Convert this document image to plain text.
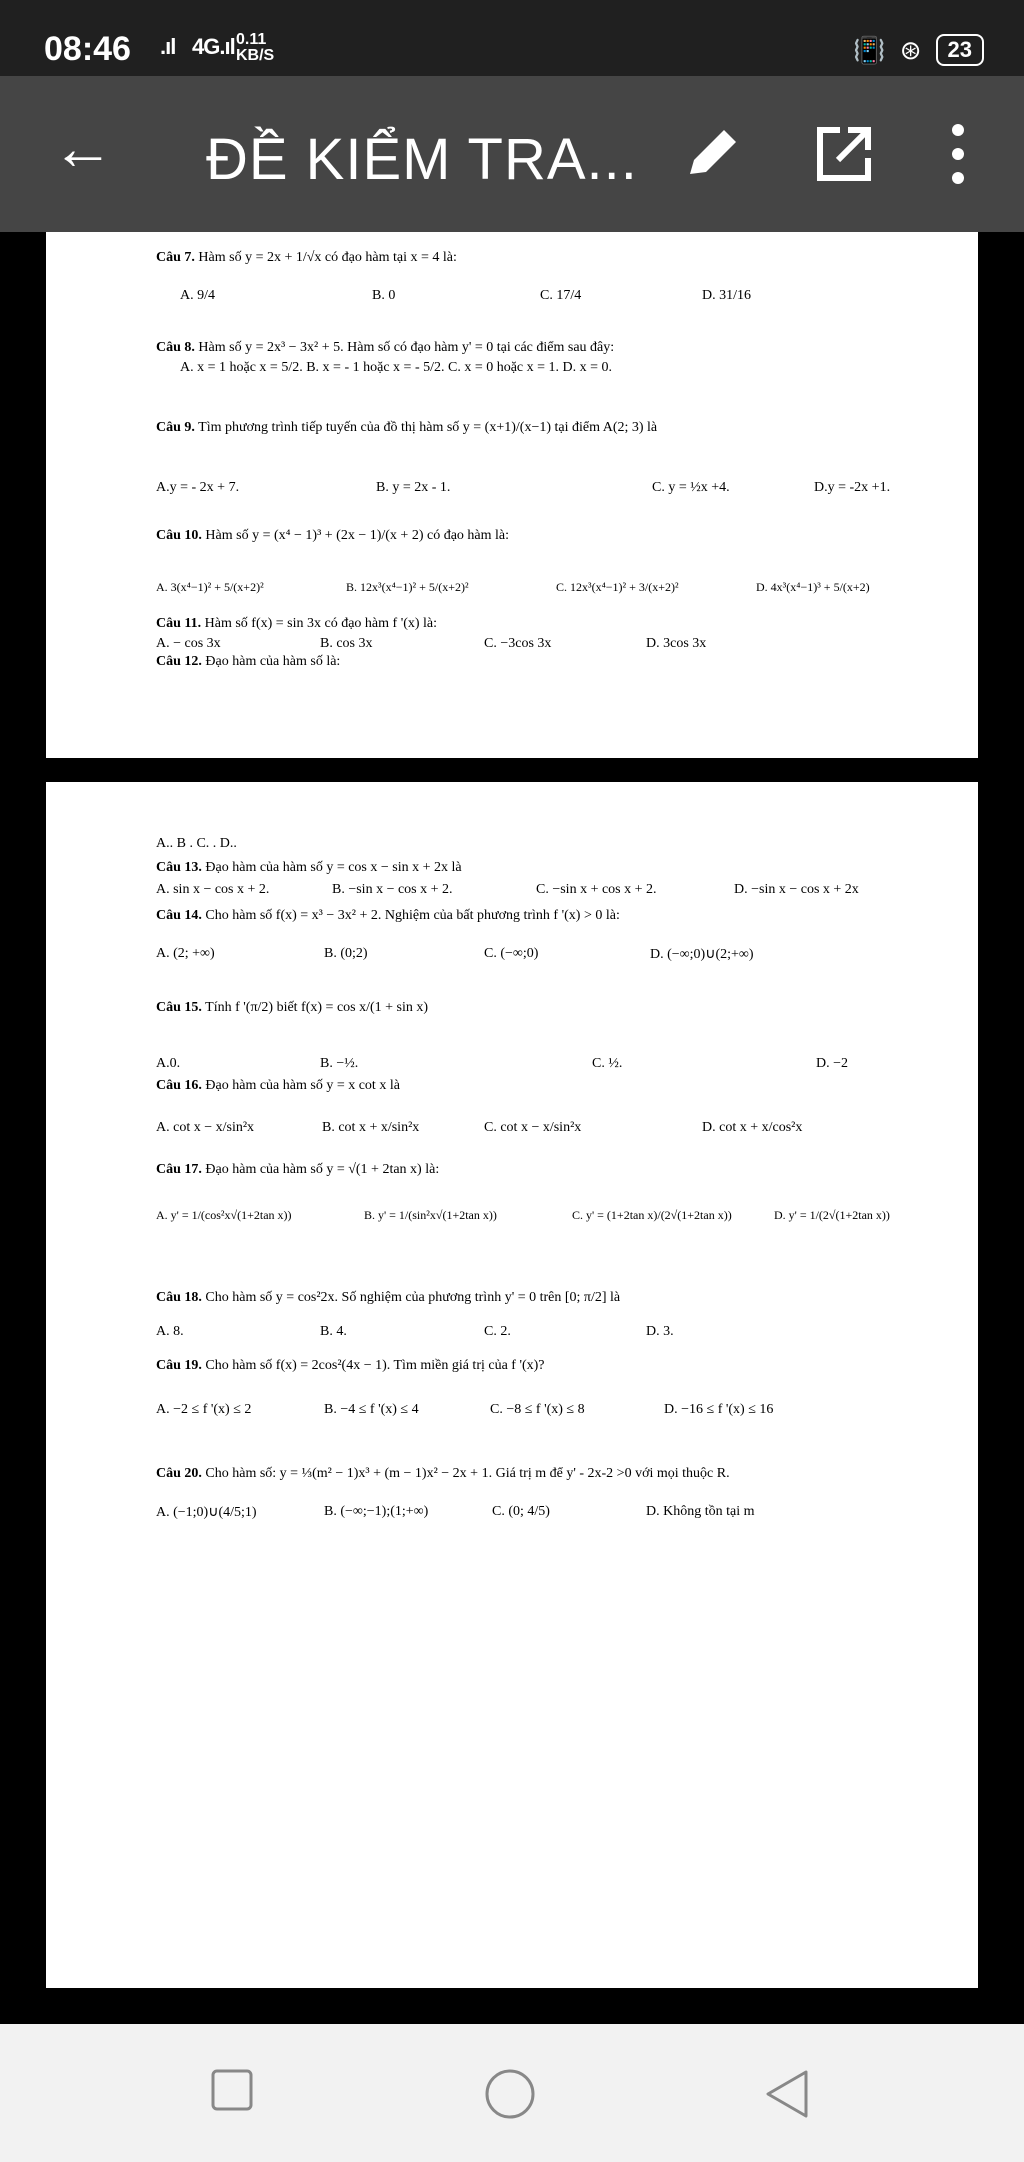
08:46 .ıl 4G.ıl 0.11
KB/S	📳 ⊛	23
← ĐỀ KIỂM TRA...
Câu 7. Hàm số y = 2x + 1/√x có đạo hàm tại x = 4 là:
A. 9/4	B. 0	C. 17/4	D. 31/16
Câu 8. Hàm số y = 2x³ − 3x² + 5. Hàm số có đạo hàm y' = 0 tại các điểm sau đây:
A. x = 1 hoặc x = 5/2. B. x = - 1 hoặc x = - 5/2. C. x = 0 hoặc x = 1. D. x = 0.
Câu 9. Tìm phương trình tiếp tuyến của đồ thị hàm số y = (x+1)/(x−1) tại điểm A(2; 3) là
A.y = - 2x + 7.	B. y = 2x - 1.	C. y = ½x +4.	D.y = -2x +1.
Câu 10. Hàm số y = (x⁴ − 1)³ + (2x − 1)/(x + 2) có đạo hàm là:
A. 3(x⁴−1)² + 5/(x+2)²	B. 12x³(x⁴−1)² + 5/(x+2)²	C. 12x³(x⁴−1)² + 3/(x+2)²	D. 4x³(x⁴−1)³ + 5/(x+2)
Câu 11. Hàm số f(x) = sin 3x có đạo hàm f '(x) là:
A. − cos 3x	B. cos 3x	C. −3cos 3x	D. 3cos 3x
Câu 12. Đạo hàm của hàm số là:
A.. B . C. . D..
Câu 13. Đạo hàm của hàm số y = cos x − sin x + 2x là
A. sin x − cos x + 2.	B. −sin x − cos x + 2.	C. −sin x + cos x + 2.	D. −sin x − cos x + 2x
Câu 14. Cho hàm số f(x) = x³ − 3x² + 2. Nghiệm của bất phương trình f '(x) > 0 là:
A. (2; +∞)	B. (0;2)	C. (−∞;0)	D. (−∞;0)∪(2;+∞)
Câu 15. Tính f '(π/2) biết f(x) = cos x/(1 + sin x)
A.0.	B. −½.	C. ½.	D. −2
Câu 16. Đạo hàm của hàm số y = x cot x là
A. cot x − x/sin²x	B. cot x + x/sin²x	C. cot x − x/sin²x	D. cot x + x/cos²x
Câu 17. Đạo hàm của hàm số y = √(1 + 2tan x) là:
A. y' = 1/(cos²x√(1+2tan x))	B. y' = 1/(sin²x√(1+2tan x))	C. y' = (1+2tan x)/(2√(1+2tan x))	D. y' = 1/(2√(1+2tan x))
Câu 18. Cho hàm số y = cos²2x. Số nghiệm của phương trình y' = 0 trên [0; π/2] là
A. 8.	B. 4.	C. 2.	D. 3.
Câu 19. Cho hàm số f(x) = 2cos²(4x − 1). Tìm miền giá trị của f '(x)?
A. −2 ≤ f '(x) ≤ 2	B. −4 ≤ f '(x) ≤ 4	C. −8 ≤ f '(x) ≤ 8	D. −16 ≤ f '(x) ≤ 16
Câu 20. Cho hàm số: y = ⅓(m² − 1)x³ + (m − 1)x² − 2x + 1. Giá trị m để y' - 2x-2 >0 với mọi thuộc R.
A. (−1;0)∪(4/5;1)	B. (−∞;−1);(1;+∞)	C. (0; 4/5)	D. Không tồn tại m
